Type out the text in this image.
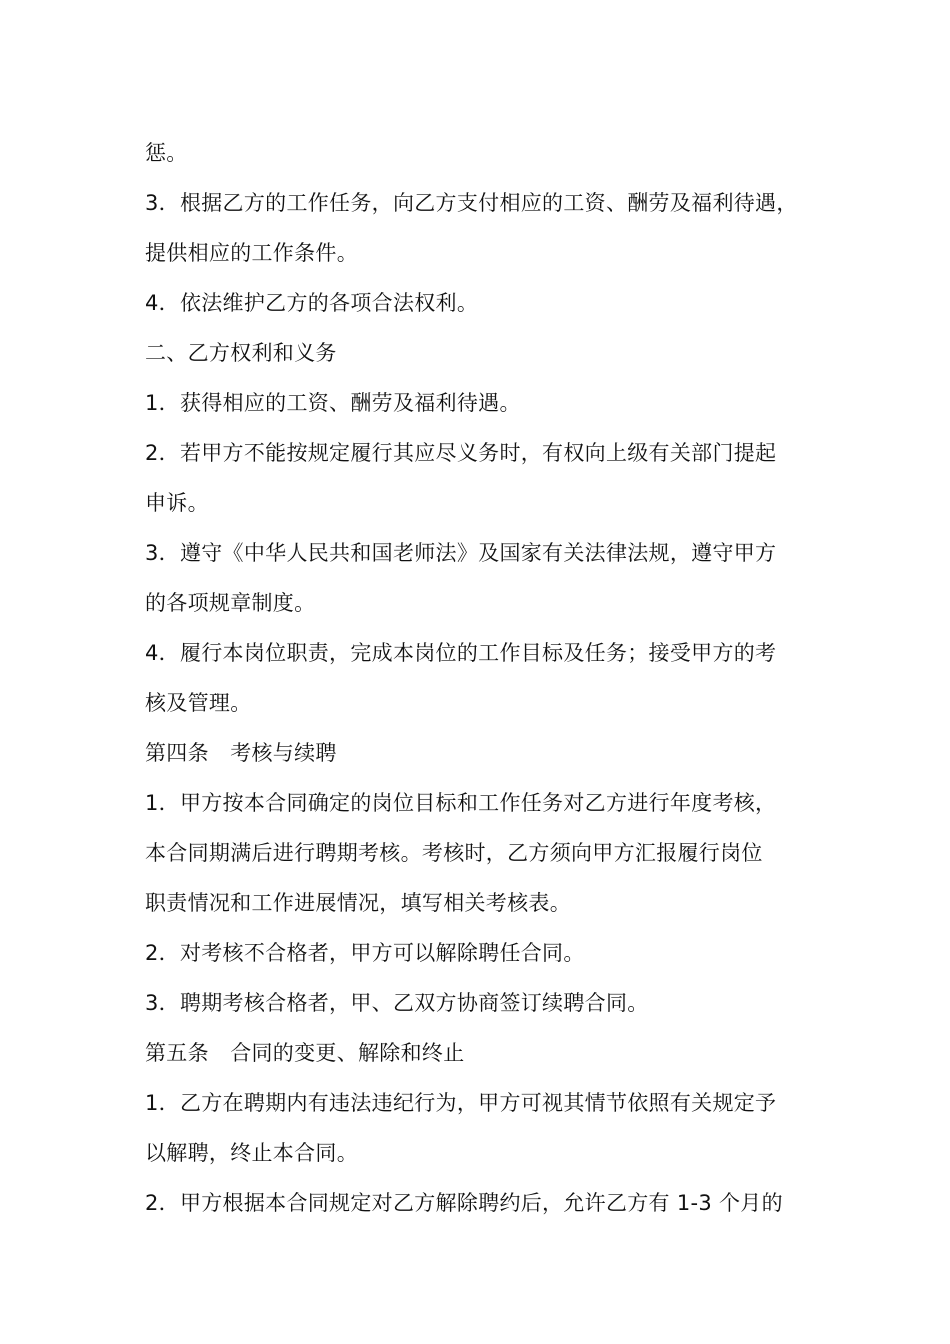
惩。
3．根据乙方的工作任务，向乙方支付相应的工资、酬劳及福利待遇，
提供相应的工作条件。
4．依法维护乙方的各项合法权利。
二、乙方权利和义务
1．获得相应的工资、酬劳及福利待遇。
2．若甲方不能按规定履行其应尽义务时，有权向上级有关部门提起
申诉。
3．遵守《中华人民共和国老师法》及国家有关法律法规，遵守甲方
的各项规章制度。
4．履行本岗位职责，完成本岗位的工作目标及任务；接受甲方的考
核及管理。
第四条　考核与续聘
1．甲方按本合同确定的岗位目标和工作任务对乙方进行年度考核，
本合同期满后进行聘期考核。考核时，乙方须向甲方汇报履行岗位
职责情况和工作进展情况，填写相关考核表。
2．对考核不合格者，甲方可以解除聘任合同。
3．聘期考核合格者，甲、乙双方协商签订续聘合同。
第五条　合同的变更、解除和终止
1．乙方在聘期内有违法违纪行为，甲方可视其情节依照有关规定予
以解聘，终止本合同。
2．甲方根据本合同规定对乙方解除聘约后，允许乙方有 1-3 个月的
